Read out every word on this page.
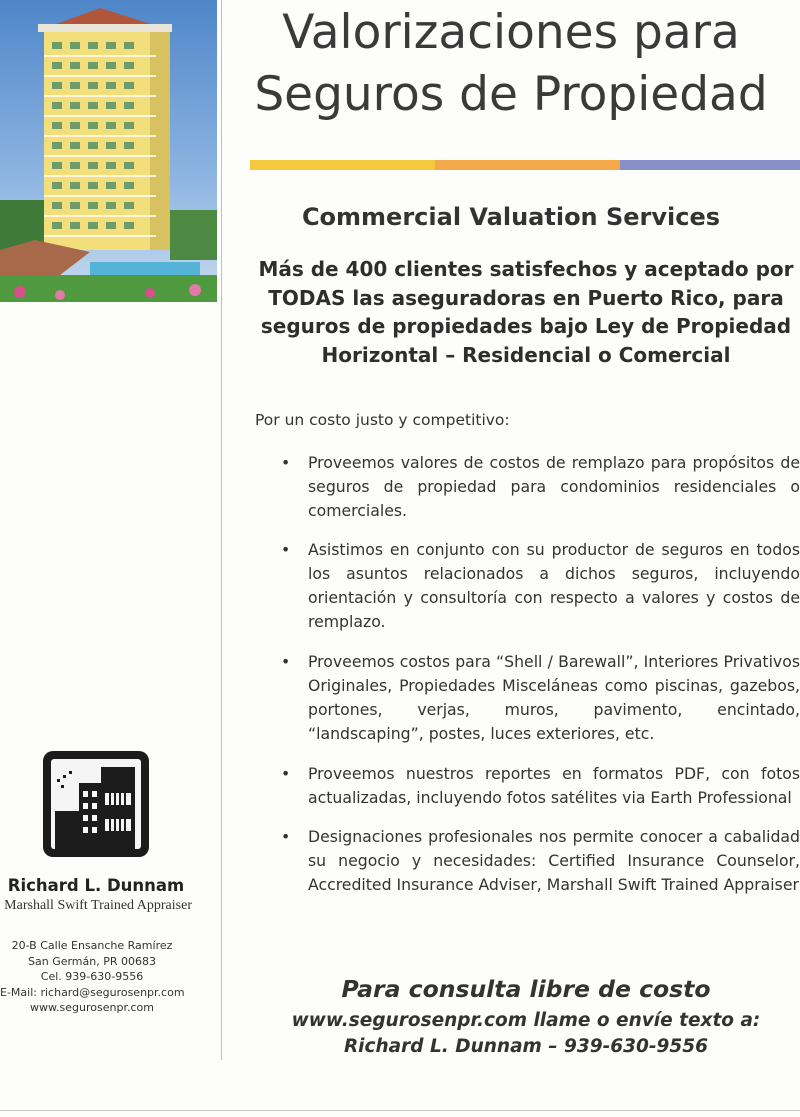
Richard L. Dunnam
Marshall Swift Trained Appraiser
20-B Calle Ensanche Ramírez
San Germán, PR 00683
Cel. 939-630-9556
E-Mail: richard@segurosenpr.com
www.segurosenpr.com
Valorizaciones para
Seguros de Propiedad
Commercial Valuation Services
Más de 400 clientes satisfechos y aceptado por TODAS las aseguradoras en Puerto Rico, para seguros de propiedades bajo Ley de Propiedad Horizontal – Residencial o Comercial
Por un costo justo y competitivo:
•	Proveemos valores de costos de remplazo para propósitos de seguros de propiedad para condominios residenciales o comerciales.
•	Asistimos en conjunto con su productor de seguros en todos los asuntos relacionados a dichos seguros, incluyendo orientación y consultoría con respecto a valores y costos de remplazo.
•	Proveemos costos para “Shell / Barewall”, Interiores Privativos Originales, Propiedades Misceláneas como piscinas, gazebos, portones, verjas, muros, pavimento, encintado, “landscaping”, postes, luces exteriores, etc.
•	Proveemos nuestros reportes en formatos PDF, con fotos actualizadas, incluyendo fotos satélites via Earth Professional
•	Designaciones profesionales nos permite conocer a cabalidad su negocio y necesidades: Certified Insurance Counselor, Accredited Insurance Adviser, Marshall Swift Trained Appraiser
Para consulta libre de costo
www.segurosenpr.com llame o envíe texto a:
Richard L. Dunnam – 939-630-9556
